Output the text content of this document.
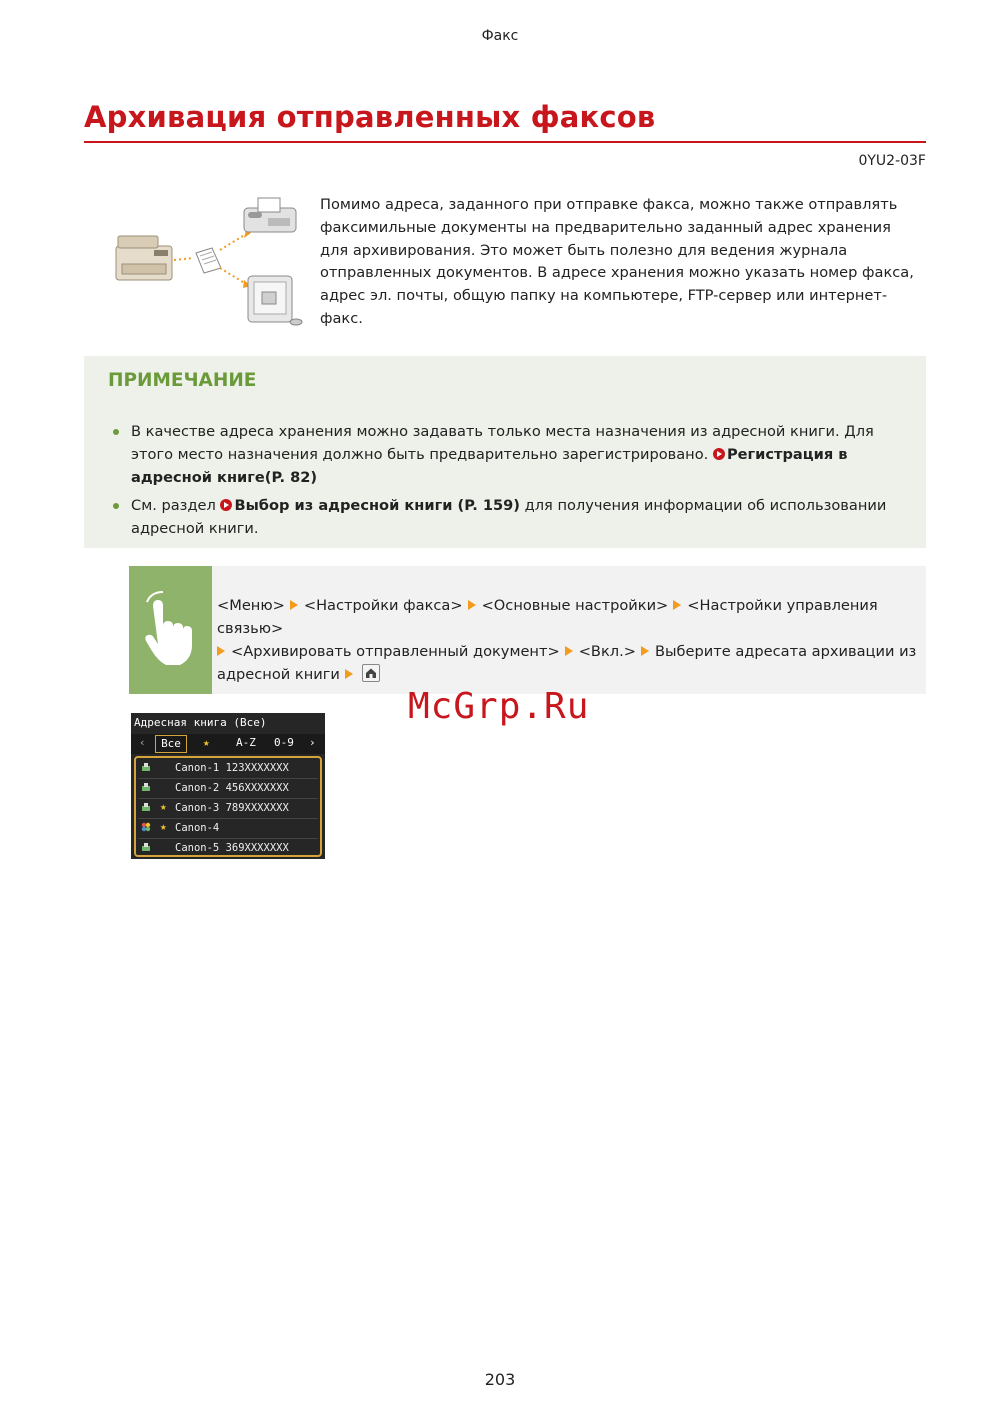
Факс
Архивация отправленных факсов
0YU2-03F
Помимо адреса, заданного при отправке факса, можно также отправлять факсимильные документы на предварительно заданный адрес хранения для архивирования. Это может быть полезно для ведения журнала отправленных документов. В адресе хранения можно указать номер факса, адрес эл. почты, общую папку на компьютере, FTP-сервер или интернет-факс.
ПРИМЕЧАНИЕ
В качестве адреса хранения можно задавать только места назначения из адресной книги. Для этого место назначения должно быть предварительно зарегистрировано. Регистрация в адресной книге(P. 82)
См. раздел Выбор из адресной книги (P. 159) для получения информации об использовании адресной книги.
<Меню> <Настройки факса> <Основные настройки> <Настройки управления связью>
<Архивировать отправленный документ> <Вкл.> Выберите адресата архивации из адресной книги
McGrp.Ru
Адресная книга (Все)
‹	Все	★ A-Z 0-9 ›
Canon-1 123XXXXXXX
Canon-2 456XXXXXXX
★ Canon-3 789XXXXXXX
★ Canon-4
Canon-5 369XXXXXXX
203
